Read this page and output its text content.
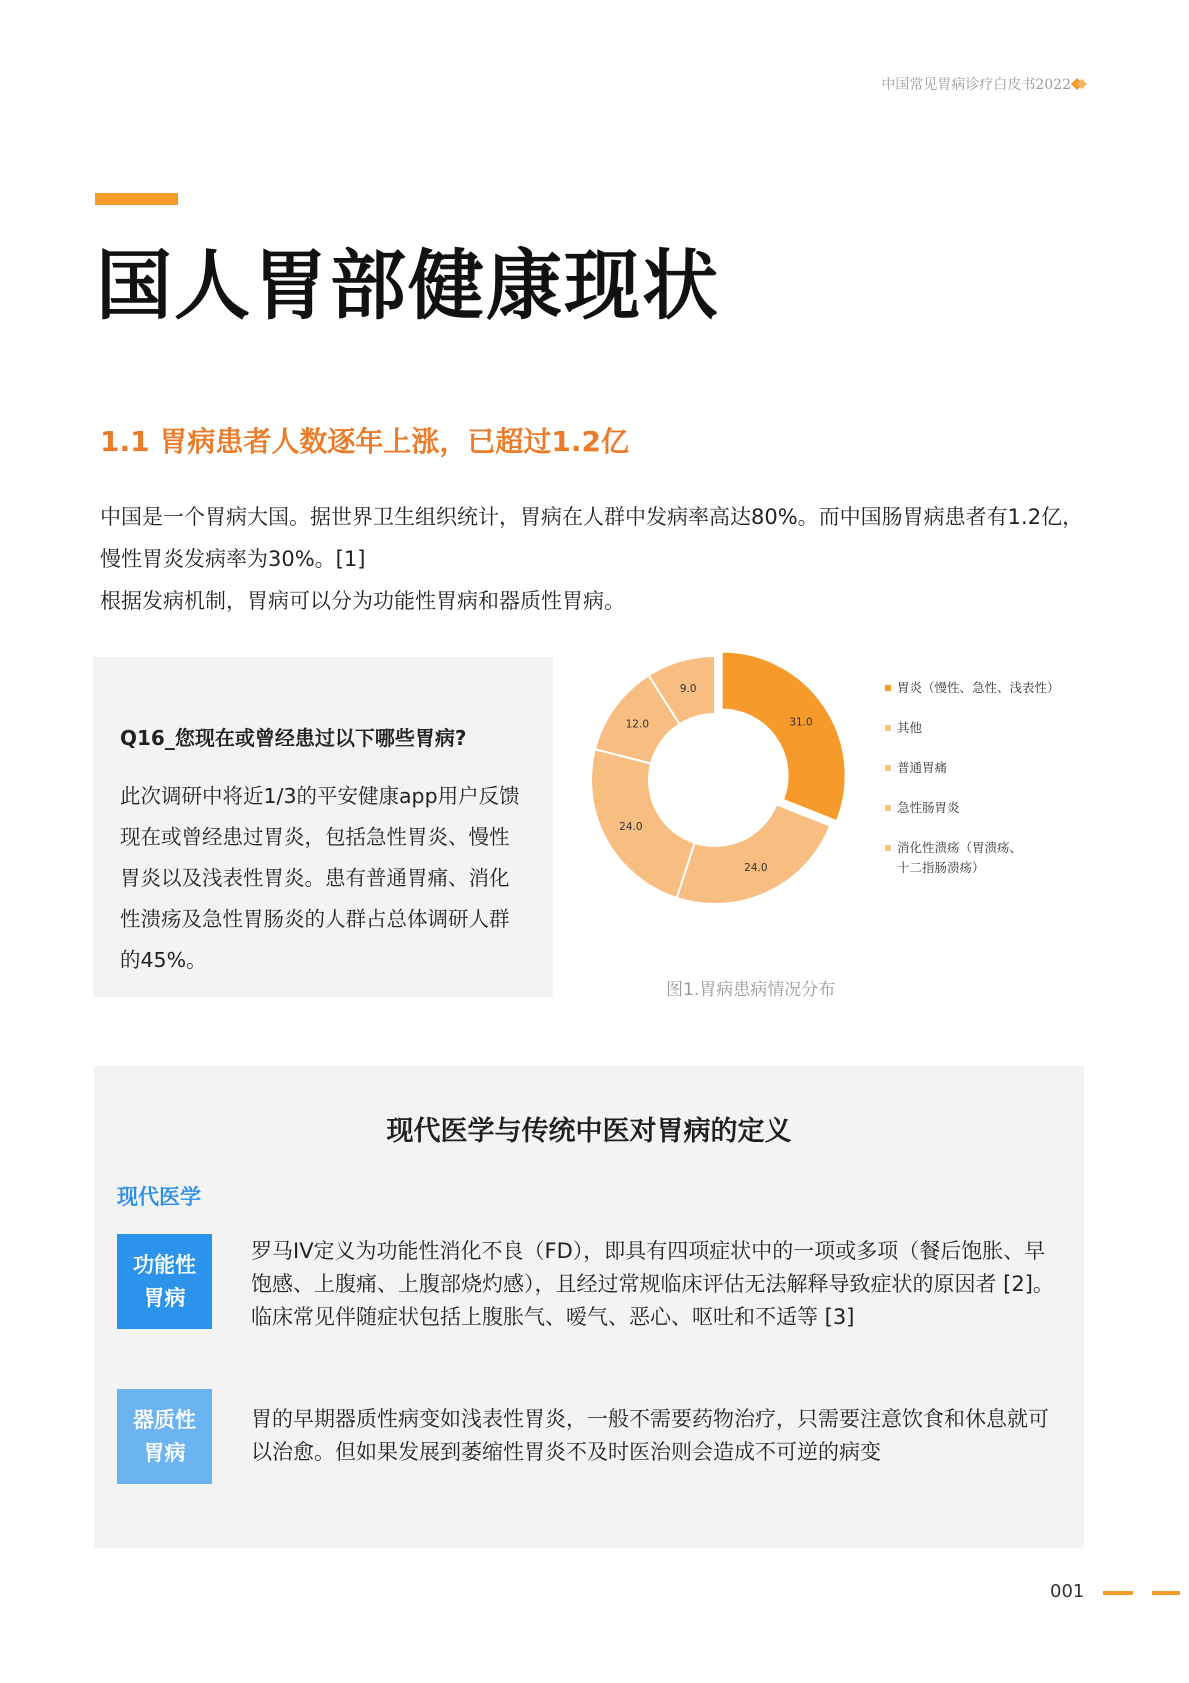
中国常见胃病诊疗白皮书2022
国人胃部健康现状
1.1 胃病患者人数逐年上涨，已超过1.2亿

中国是一个胃病大国。据世界卫生组织统计，胃病在人群中发病率高达80%。而中国肠胃病患者有1.2亿，慢性胃炎发病率为30%。[1]

根据发病机制，胃病可以分为功能性胃病和器质性胃病。

Q16_您现在或曾经患过以下哪些胃病?
此次调研中将近1/3的平安健康app用户反馈现在或曾经患过胃炎，包括急性胃炎、慢性胃炎以及浅表性胃炎。患有普通胃痛、消化性溃疡及急性胃肠炎的人群占总体调研人群的45%。
31.0
24.0
24.0
12.0
9.0	胃炎（慢性、急性、浅表性）
其他
普通胃痛
急性肠胃炎
消化性溃疡（胃溃疡、
十二指肠溃疡）
图1.胃病患病情况分布
现代医学与传统中医对胃病的定义
现代医学
功能性
胃病
罗马IV定义为功能性消化不良（FD），即具有四项症状中的一项或多项（餐后饱胀、早饱感、上腹痛、上腹部烧灼感），且经过常规临床评估无法解释导致症状的原因者 [2]。临床常见伴随症状包括上腹胀气、嗳气、恶心、呕吐和不适等 [3]
器质性
胃病
胃的早期器质性病变如浅表性胃炎，一般不需要药物治疗，只需要注意饮食和休息就可以治愈。但如果发展到萎缩性胃炎不及时医治则会造成不可逆的病变
001
